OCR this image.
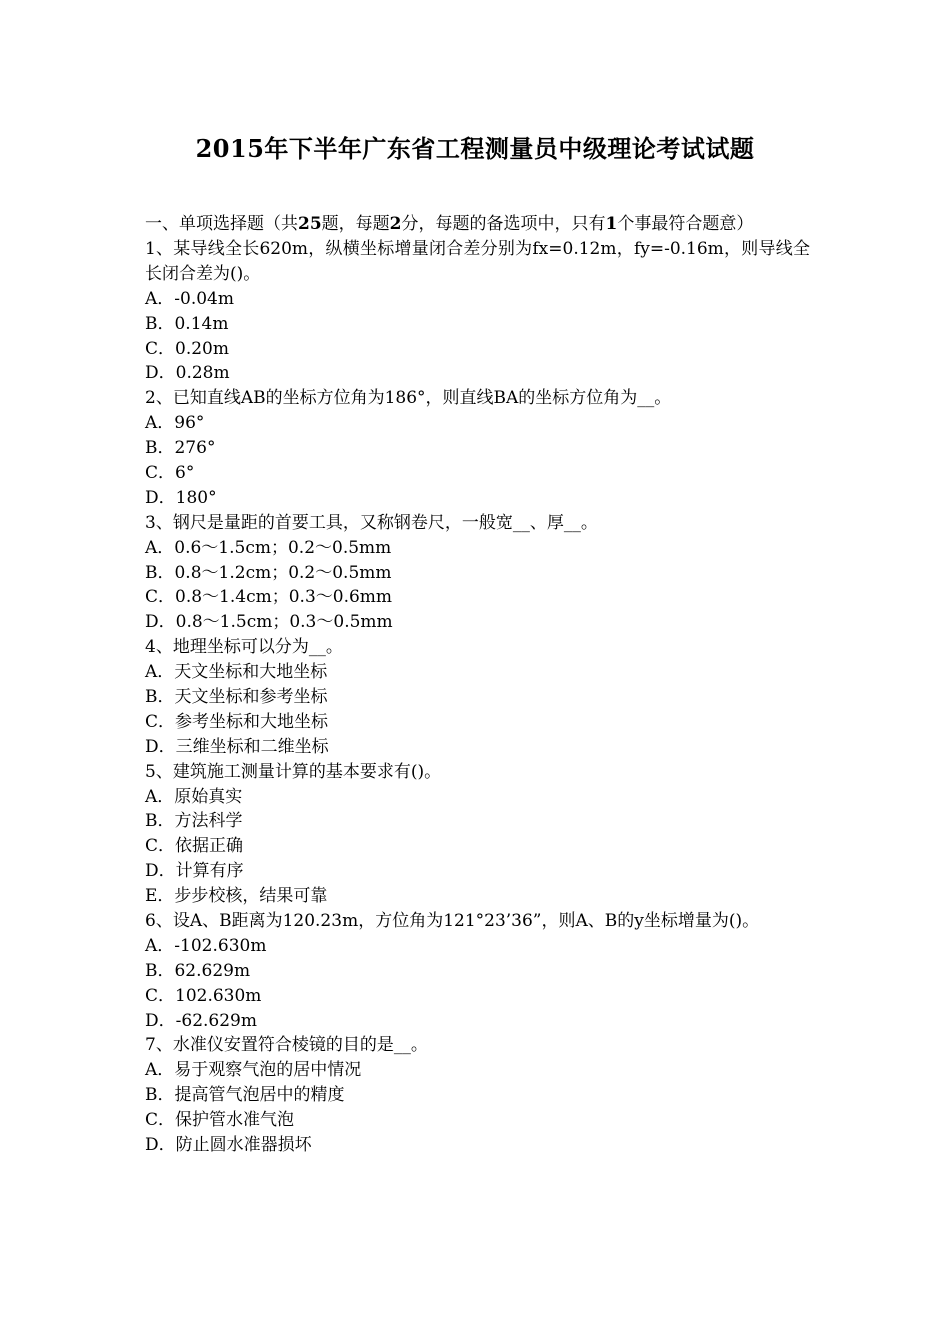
2015年下半年广东省工程测量员中级理论考试试题
一、单项选择题（共25题，每题2分，每题的备选项中，只有1个事最符合题意）
1、某导线全长620m，纵横坐标增量闭合差分别为fx=0.12m，fy=-0.16m，则导线全长闭合差为()。
A．-0.04m
B．0.14m
C．0.20m
D．0.28m
2、已知直线AB的坐标方位角为186°，则直线BA的坐标方位角为__。
A．96°
B．276°
C．6°
D．180°
3、钢尺是量距的首要工具，又称钢卷尺，一般宽__、厚__。
A．0.6～1.5cm；0.2～0.5mm
B．0.8～1.2cm；0.2～0.5mm
C．0.8～1.4cm；0.3～0.6mm
D．0.8～1.5cm；0.3～0.5mm
4、地理坐标可以分为__。
A．天文坐标和大地坐标
B．天文坐标和参考坐标
C．参考坐标和大地坐标
D．三维坐标和二维坐标
5、建筑施工测量计算的基本要求有()。
A．原始真实
B．方法科学
C．依据正确
D．计算有序
E．步步校核，结果可靠
6、设A、B距离为120.23m，方位角为121°23’36”，则A、B的y坐标增量为()。
A．-102.630m
B．62.629m
C．102.630m
D．-62.629m
7、水准仪安置符合棱镜的目的是__。
A．易于观察气泡的居中情况
B．提高管气泡居中的精度
C．保护管水准气泡
D．防止圆水准器损坏
